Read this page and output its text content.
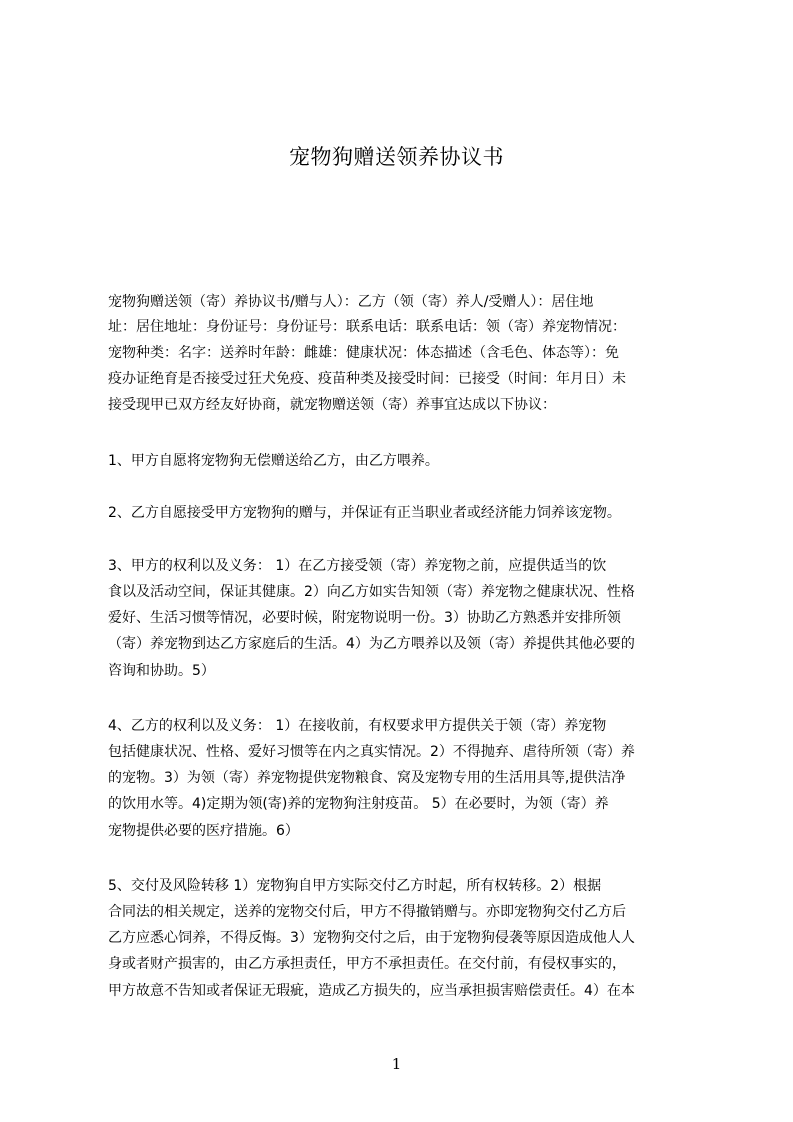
宠物狗赠送领养协议书
宠物狗赠送领（寄）养协议书/赠与人）：乙方（领（寄）养人/受赠人）：居住地
址：居住地址：身份证号：身份证号：联系电话：联系电话：领（寄）养宠物情况：
宠物种类：名字：送养时年龄：雌雄：健康状况：体态描述（含毛色、体态等）：免
疫办证绝育是否接受过狂犬免疫、疫苗种类及接受时间：已接受（时间：年月日）未
接受现甲已双方经友好协商，就宠物赠送领（寄）养事宜达成以下协议：
1、甲方自愿将宠物狗无偿赠送给乙方，由乙方喂养。
2、乙方自愿接受甲方宠物狗的赠与，并保证有正当职业者或经济能力饲养该宠物。
3、甲方的权利以及义务： 1）在乙方接受领（寄）养宠物之前，应提供适当的饮
食以及活动空间，保证其健康。2）向乙方如实告知领（寄）养宠物之健康状况、性格
爱好、生活习惯等情况，必要时候，附宠物说明一份。3）协助乙方熟悉并安排所领
（寄）养宠物到达乙方家庭后的生活。4）为乙方喂养以及领（寄）养提供其他必要的
咨询和协助。5）
4、乙方的权利以及义务： 1）在接收前，有权要求甲方提供关于领（寄）养宠物
包括健康状况、性格、爱好习惯等在内之真实情况。2）不得抛弃、虐待所领（寄）养
的宠物。3）为领（寄）养宠物提供宠物粮食、窝及宠物专用的生活用具等,提供洁净
的饮用水等。4)定期为领(寄)养的宠物狗注射疫苗。 5）在必要时，为领（寄）养
宠物提供必要的医疗措施。6）
5、交付及风险转移 1）宠物狗自甲方实际交付乙方时起，所有权转移。2）根据
合同法的相关规定，送养的宠物交付后，甲方不得撤销赠与。亦即宠物狗交付乙方后
乙方应悉心饲养，不得反悔。3）宠物狗交付之后，由于宠物狗侵袭等原因造成他人人
身或者财产损害的，由乙方承担责任，甲方不承担责任。在交付前，有侵权事实的，
甲方故意不告知或者保证无瑕疵，造成乙方损失的，应当承担损害赔偿责任。4）在本
1
